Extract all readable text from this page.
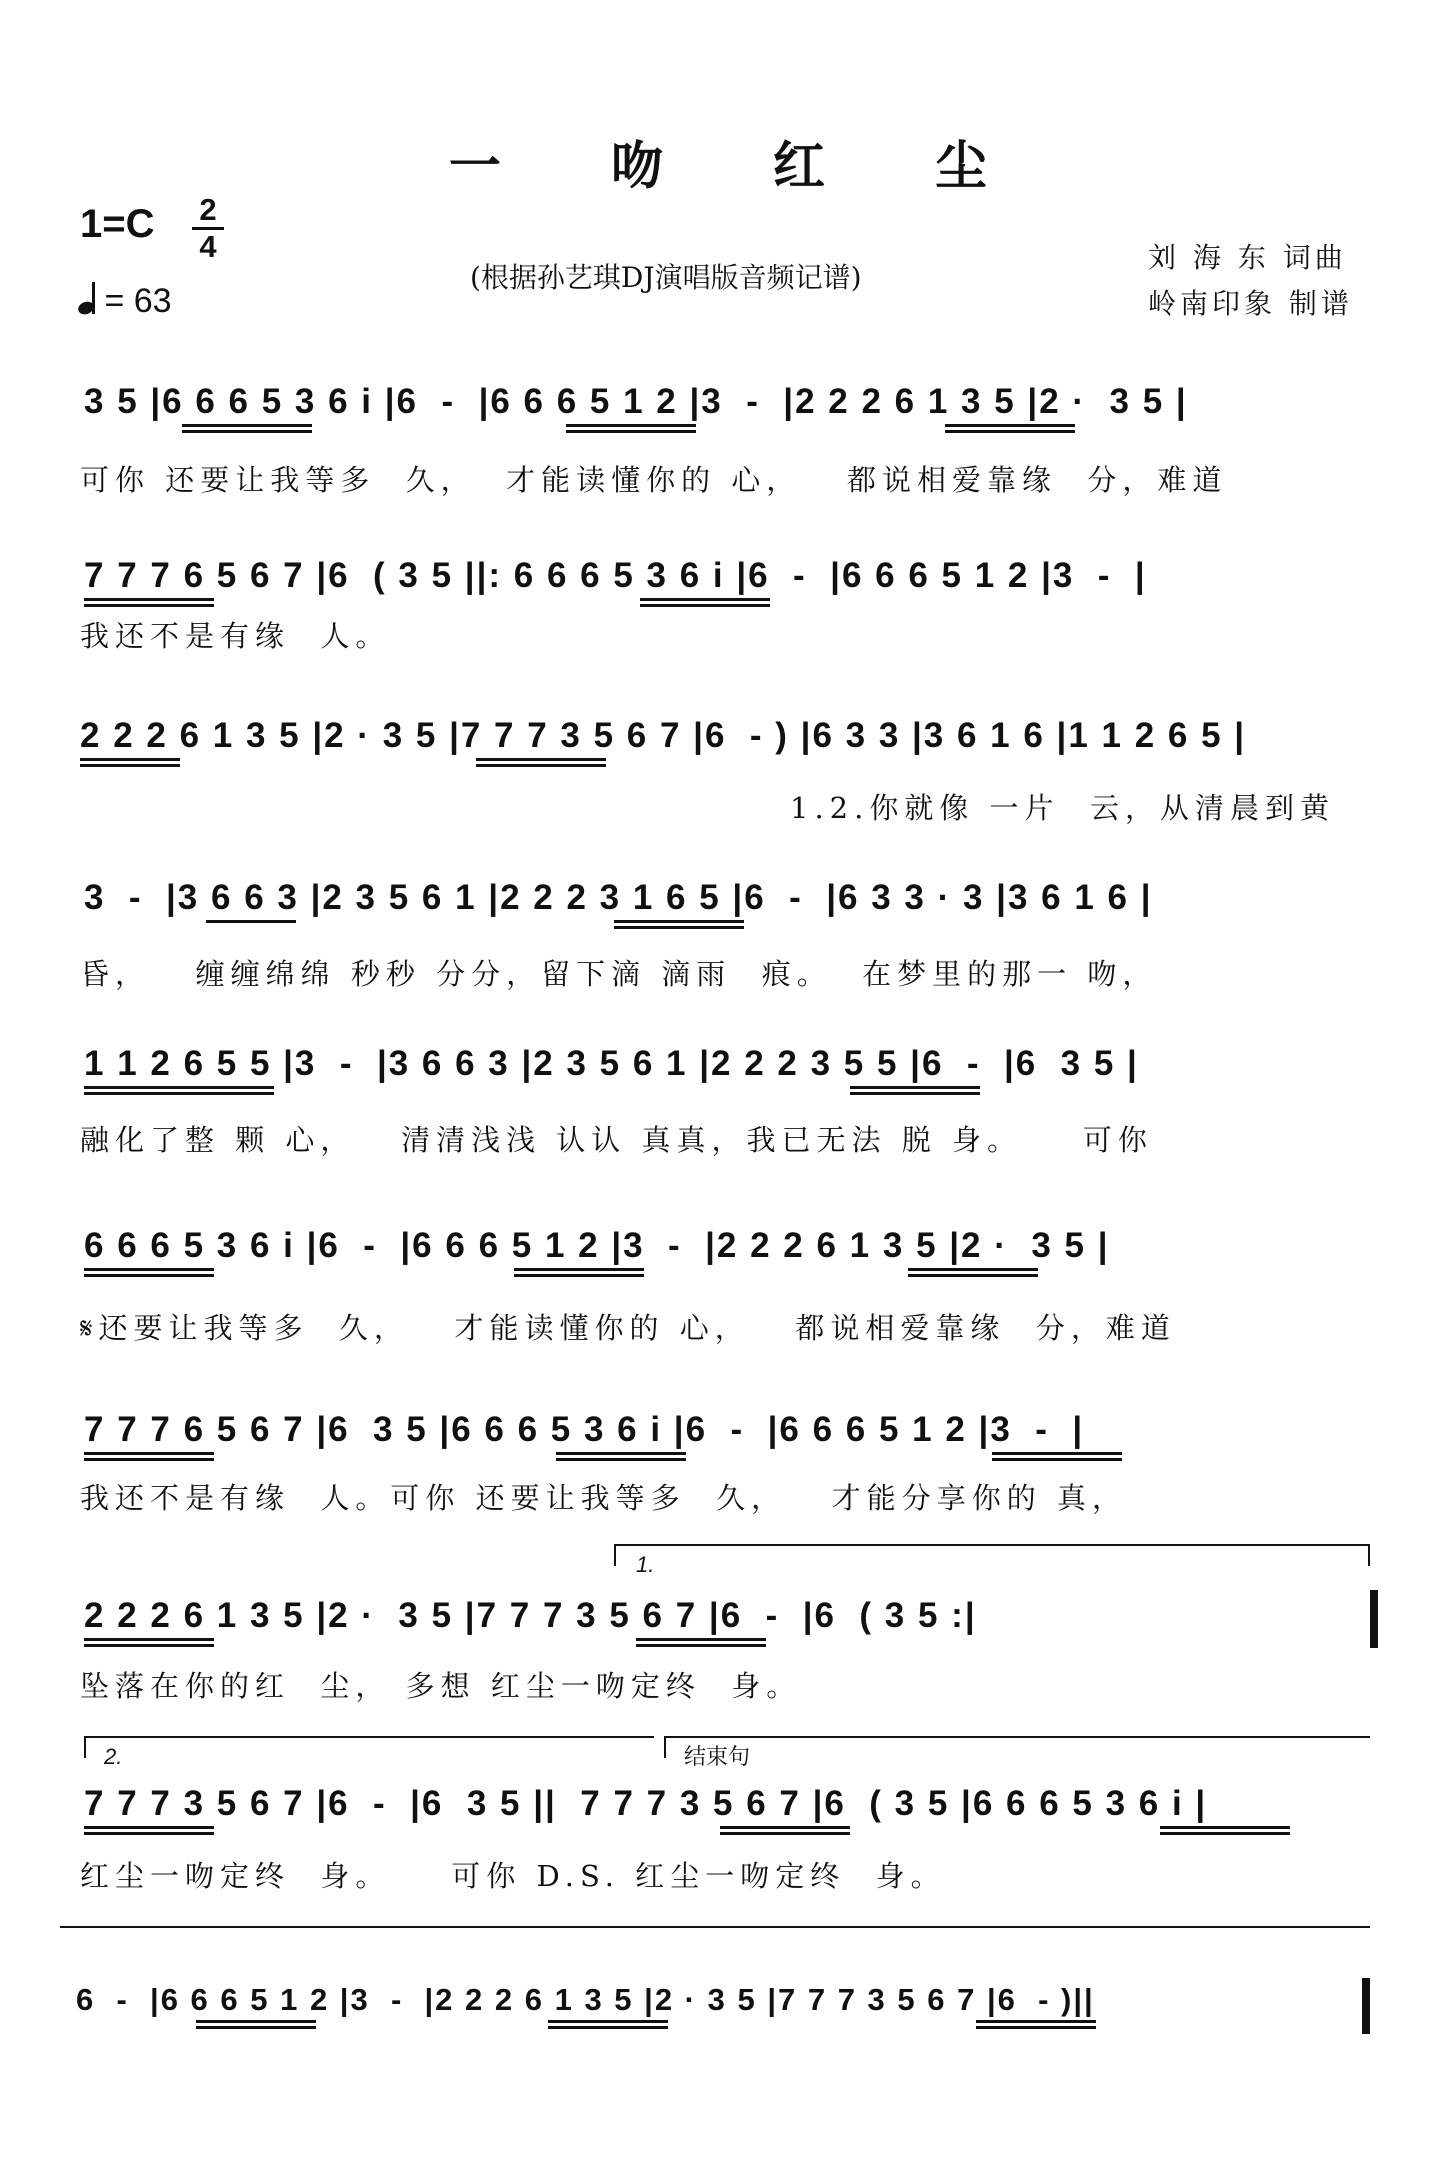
一 吻 红 尘
1=C	2
4
= 63
(根据孙艺琪DJ演唱版音频记谱)
刘 海 东 词曲
岭南印象 制谱
3 5 |6 6 6 5 3 6 i |6  -  |6 6 6 5 1 2 |3  -  |2 2 2 6 1 3 5 |2 ·  3 5 |
可你 还要让我等多  久，  才能读懂你的 心，   都说相爱靠缘  分，难道
7 7 7 6 5 6 7 |6  ( 3 5 ||: 6 6 6 5 3 6 i |6  -  |6 6 6 5 1 2 |3  -  |
我还不是有缘  人。
2 2 2 6 1 3 5 |2 · 3 5 |7 7 7 3 5 6 7 |6  - ) |6 3 3 |3 6 1 6 |1 1 2 6 5 |
1.2.你就像 一片  云，从清晨到黄
3  -  |3 6 6 3 |2 3 5 6 1 |2 2 2 3 1 6 5 |6  -  |6 3 3 · 3 |3 6 1 6 |
昏，   缠缠绵绵 秒秒 分分，留下滴 滴雨  痕。  在梦里的那一 吻，
1 1 2 6 5 5 |3  -  |3 6 6 3 |2 3 5 6 1 |2 2 2 3 5 5 |6  -  |6  3 5 |
融化了整 颗 心，   清清浅浅 认认 真真，我已无法 脱 身。    可你
6 6 6 5 3 6 i |6  -  |6 6 6 5 1 2 |3  -  |2 2 2 6 1 3 5 |2 ·  3 5 |
𝄋还要让我等多  久，   才能读懂你的 心，   都说相爱靠缘  分，难道
7 7 7 6 5 6 7 |6  3 5 |6 6 6 5 3 6 i |6  -  |6 6 6 5 1 2 |3  -  |
我还不是有缘  人。可你 还要让我等多  久，   才能分享你的 真，
1.
2 2 2 6 1 3 5 |2 ·  3 5 |7 7 7 3 5 6 7 |6  -  |6  ( 3 5 :|
坠落在你的红  尘， 多想 红尘一吻定终  身。
2.	结束句
7 7 7 3 5 6 7 |6  -  |6  3 5 ||  7 7 7 3 5 6 7 |6  ( 3 5 |6 6 6 5 3 6 i |
红尘一吻定终  身。    可你 D.S. 红尘一吻定终  身。
6  -  |6 6 6 5 1 2 |3  -  |2 2 2 6 1 3 5 |2 · 3 5 |7 7 7 3 5 6 7 |6  - )||
